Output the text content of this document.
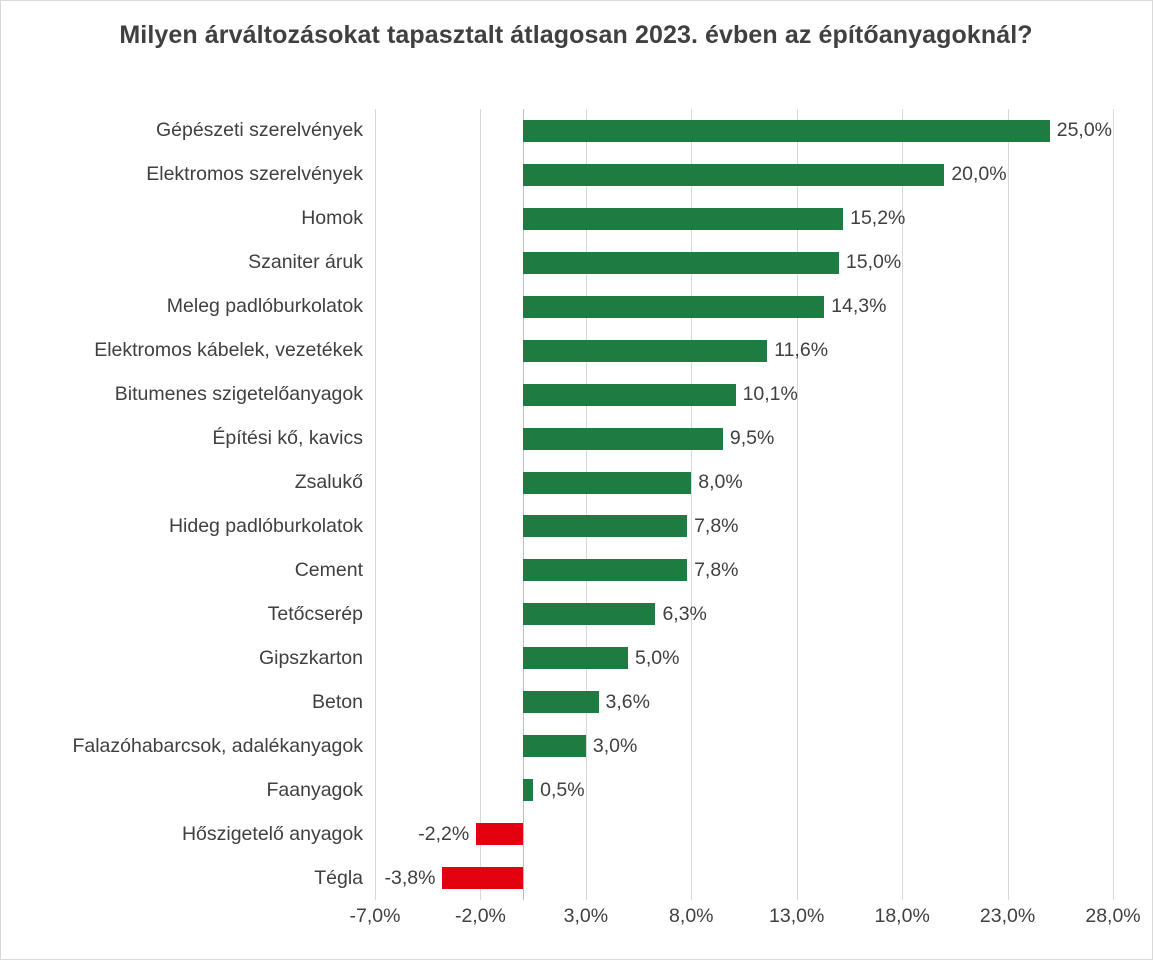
Milyen árváltozásokat tapasztalt átlagosan 2023. évben az építőanyagoknál?
Gépészeti szerelvények
Elektromos szerelvények
Homok
Szaniter áruk
Meleg padlóburkolatok
Elektromos kábelek, vezetékek
Bitumenes szigetelőanyagok
Építési kő, kavics
Zsalukő
Hideg padlóburkolatok
Cement
Tetőcserép
Gipszkarton
Beton
Falazóhabarcsok, adalékanyagok
Faanyagok
Hőszigetelő anyagok
Tégla
25,0%
20,0%
15,2%
15,0%
14,3%
11,6%
10,1%
9,5%
8,0%
7,8%
7,8%
6,3%
5,0%
3,6%
3,0%
0,5%
-2,2%
-3,8%
-7,0%	-2,0%	3,0%	8,0%	13,0%	18,0%	23,0%	28,0%
